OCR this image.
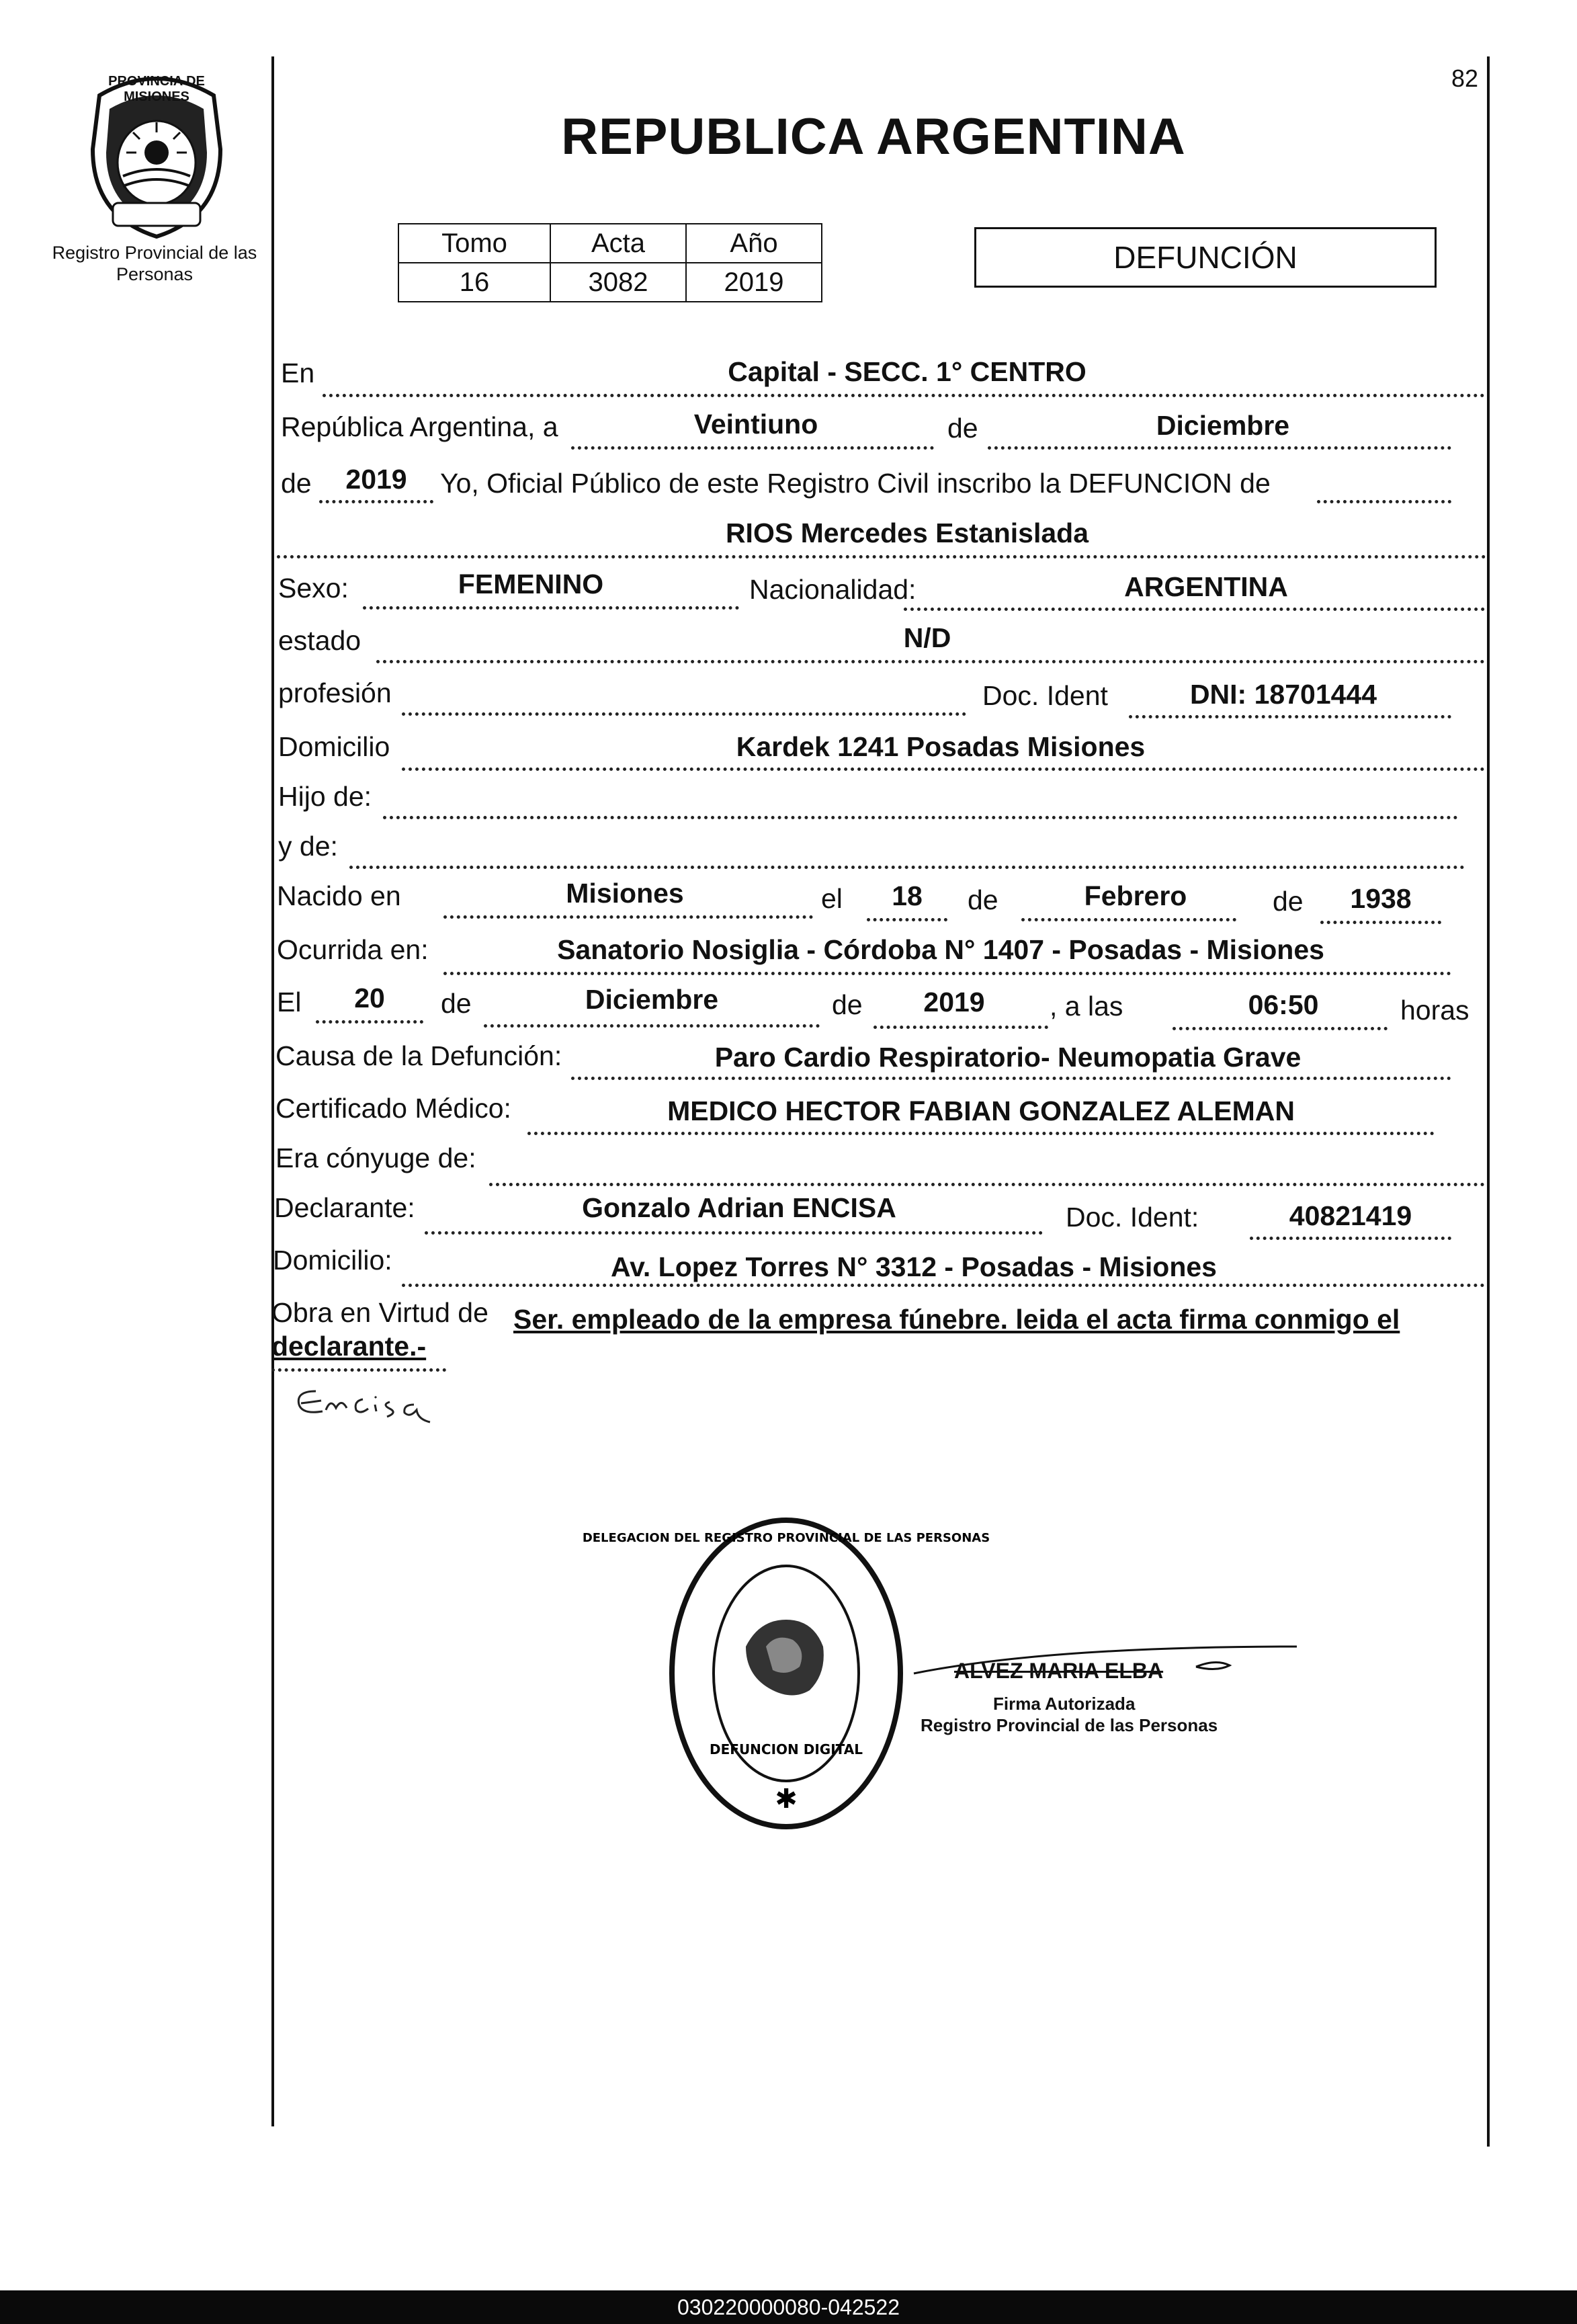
PROVINCIA DE MISIONES
Registro Provincial de las Personas
82
REPUBLICA ARGENTINA
Tomo	Acta	Año
16	3082	2019
DEFUNCIÓN
En	Capital - SECC. 1° CENTRO
República Argentina, a	Veintiuno	de	Diciembre
de	2019	Yo, Oficial Público de este Registro Civil inscribo la DEFUNCION de
RIOS Mercedes Estanislada
Sexo:	FEMENINO	Nacionalidad:	ARGENTINA
estado	N/D
profesión	Doc. Ident	DNI: 18701444
Domicilio	Kardek 1241 Posadas Misiones
Hijo de:
y de:
Nacido en	Misiones	el	18	de	Febrero	de	1938
Ocurrida en:	Sanatorio Nosiglia - Córdoba N° 1407 - Posadas - Misiones
El	20	de	Diciembre	de	2019	, a las	06:50	horas
Causa de la Defunción:	Paro Cardio Respiratorio- Neumopatia Grave
Certificado Médico:	MEDICO HECTOR FABIAN GONZALEZ ALEMAN
Era cónyuge de:
Declarante:	Gonzalo Adrian ENCISA	Doc. Ident:	40821419
Domicilio:	Av. Lopez Torres N° 3312 - Posadas - Misiones
Obra en Virtud de Ser. empleado de la empresa fúnebre. leida el acta firma conmigo el
declarante.-
✱
DELEGACION DEL REGISTRO PROVINCIAL DE LAS PERSONAS
DEFUNCION DIGITAL
ALVEZ MARIA ELBA
Firma Autorizada
Registro Provincial de las Personas
030220000080-042522
